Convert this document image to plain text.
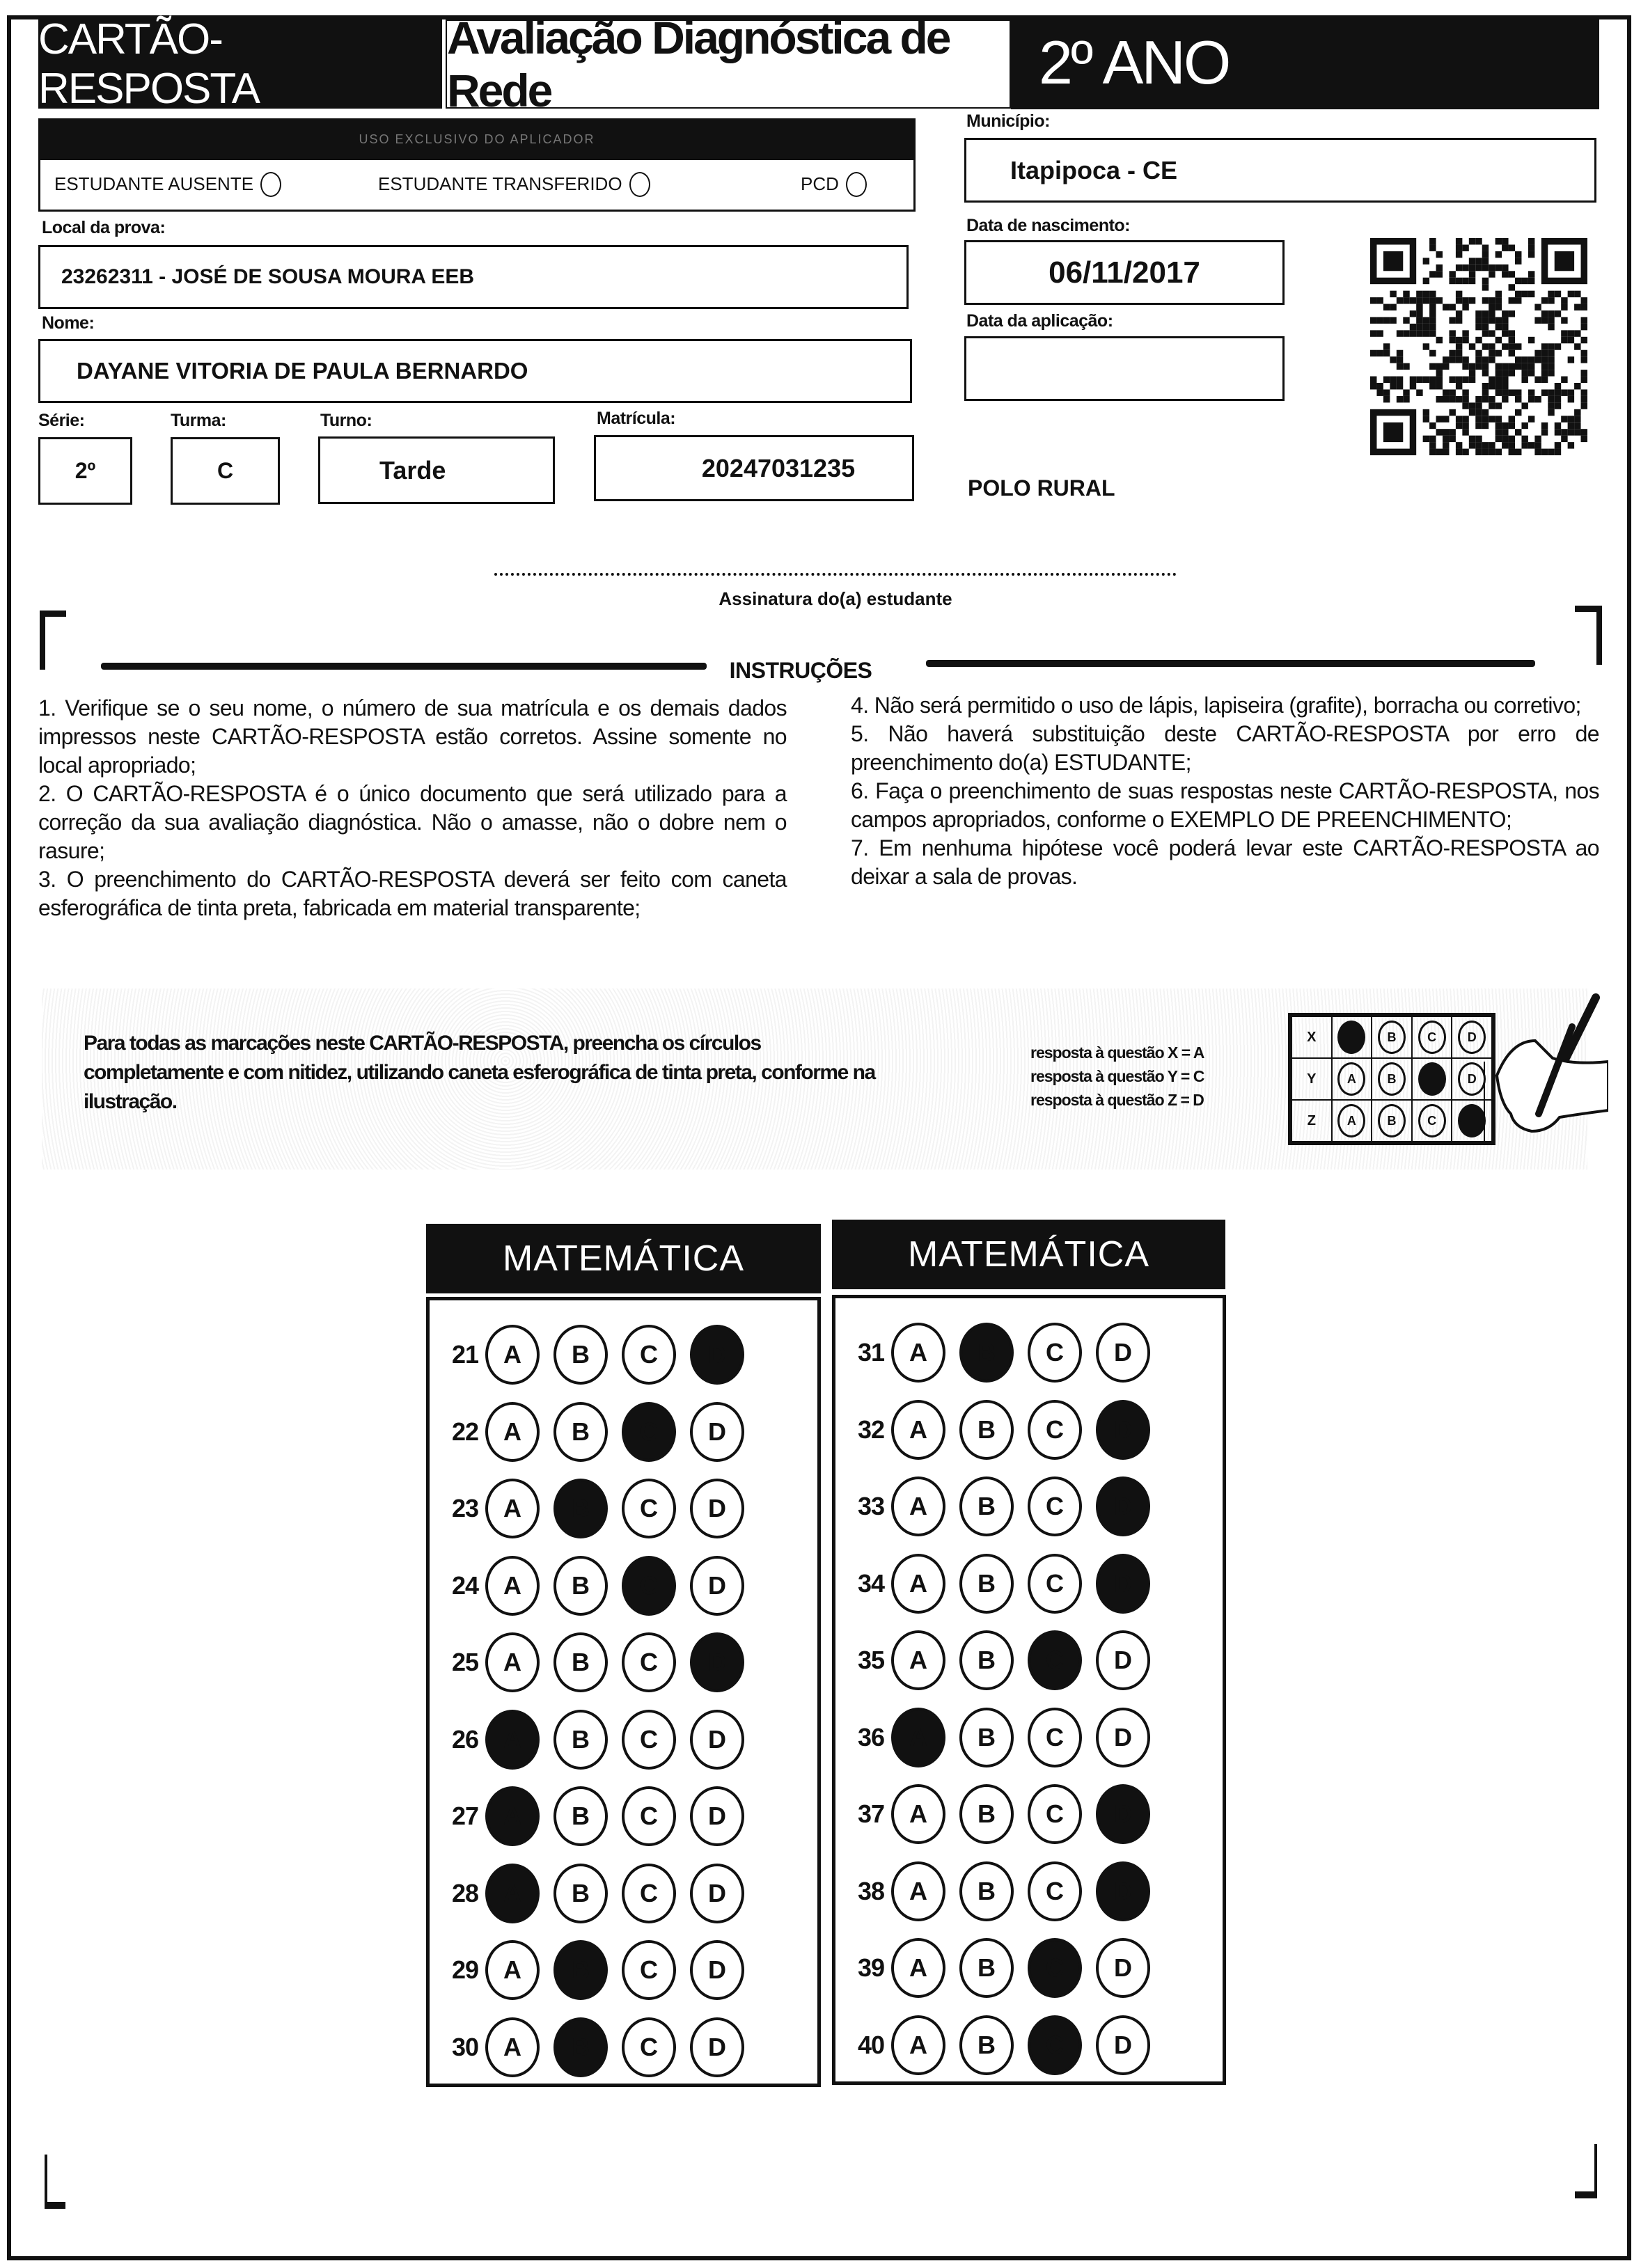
CARTÃO-RESPOSTA
Avaliação Diagnóstica de Rede	2º ANO
USO EXCLUSIVO DO APLICADOR
ESTUDANTE AUSENTE	ESTUDANTE TRANSFERIDO	PCD
Local da prova:
23262311 - JOSÉ DE SOUSA MOURA EEB
Nome:
DAYANE VITORIA DE PAULA BERNARDO
Série:
2º
Turma:
C
Turno:
Tarde
Matrícula:
20247031235
Município:
Itapipoca - CE
Data de nascimento:
06/11/2017
Data da aplicação:
POLO RURAL
Assinatura do(a) estudante
INSTRUÇÕES

1. Verifique se o seu nome, o número de sua matrícula e os demais dados impressos neste CARTÃO-RESPOSTA estão corretos. Assine somente no local apropriado;

2. O CARTÃO-RESPOSTA é o único documento que será utilizado para a correção da sua avaliação diagnóstica. Não o amasse, não o dobre nem o rasure;

3. O preenchimento do CARTÃO-RESPOSTA deverá ser feito com caneta esferográfica de tinta preta, fabricada em material transparente;

4. Não será permitido o uso de lápis, lapiseira (grafite), borracha ou corretivo;

5. Não haverá substituição deste CARTÃO-RESPOSTA por erro de preenchimento do(a) ESTUDANTE;

6. Faça o preenchimento de suas respostas neste CARTÃO-RESPOSTA, nos campos apropriados, conforme o EXEMPLO DE PREENCHIMENTO;

7. Em nenhuma hipótese você poderá levar este CARTÃO-RESPOSTA ao deixar a sala de provas.

Para todas as marcações neste CARTÃO-RESPOSTA, preencha os círculos completamente e com nitidez, utilizando caneta esferográfica de tinta preta, conforme na ilustração.
resposta à questão X = A
resposta à questão Y = C
resposta à questão Z = D
X	B	C	D
Y	A	B	D
Z	A	B	C
MATEMÁTICA	MATEMÁTICA
21	A	B	C	D
22	A	B	C	D
23	A	B	C	D
24	A	B	C	D
25	A	B	C	D
26	A	B	C	D
27	A	B	C	D
28	A	B	C	D
29	A	B	C	D
30	A	B	C	D
31	A	B	C	D
32	A	B	C	D
33	A	B	C	D
34	A	B	C	D
35	A	B	C	D
36	A	B	C	D
37	A	B	C	D
38	A	B	C	D
39	A	B	C	D
40	A	B	C	D
